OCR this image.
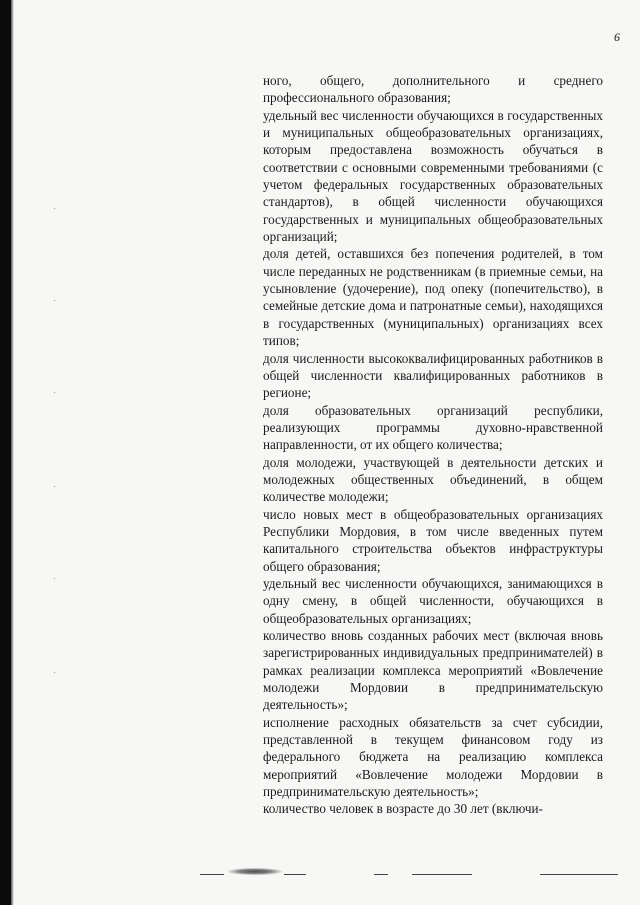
6

ного, общего, дополнительного и среднего профессионального образования;

удельный вес численности обучающихся в государственных и муниципальных общеобразовательных организациях, которым предоставлена возможность обучаться в соответствии с основными современными требованиями (с учетом федеральных государственных образовательных стандартов), в общей численности обучающихся государственных и муниципальных общеобразовательных организаций;

доля детей, оставшихся без попечения родителей, в том числе переданных не родственникам (в приемные семьи, на усыновление (удочерение), под опеку (попечительство), в семейные детские дома и патронатные семьи), находящихся в государственных (муниципальных) организациях всех типов;

доля численности высококвалифицированных работников в общей численности квалифицированных работников в регионе;

доля образовательных организаций республики, реализующих программы духовно-нравственной направленности, от их общего количества;

доля молодежи, участвующей в деятельности детских и молодежных общественных объединений, в общем количестве молодежи;

число новых мест в общеобразовательных организациях Республики Мордовия, в том числе введенных путем капитального строительства объектов инфраструктуры общего образования;

удельный вес численности обучающихся, занимающихся в одну смену, в общей численности, обучающихся в общеобразовательных организациях;

количество вновь созданных рабочих мест (включая вновь зарегистрированных индивидуальных предпринимателей) в рамках реализации комплекса мероприятий «Вовлечение молодежи Мордовии в предпринимательскую деятельность»;

исполнение расходных обязательств за счет субсидии, представленной в текущем финансовом году из федерального бюджета на реализацию комплекса мероприятий «Вовлечение молодежи Мордовии в предпринимательскую деятельность»;

количество человек в возрасте до 30 лет (включи-
